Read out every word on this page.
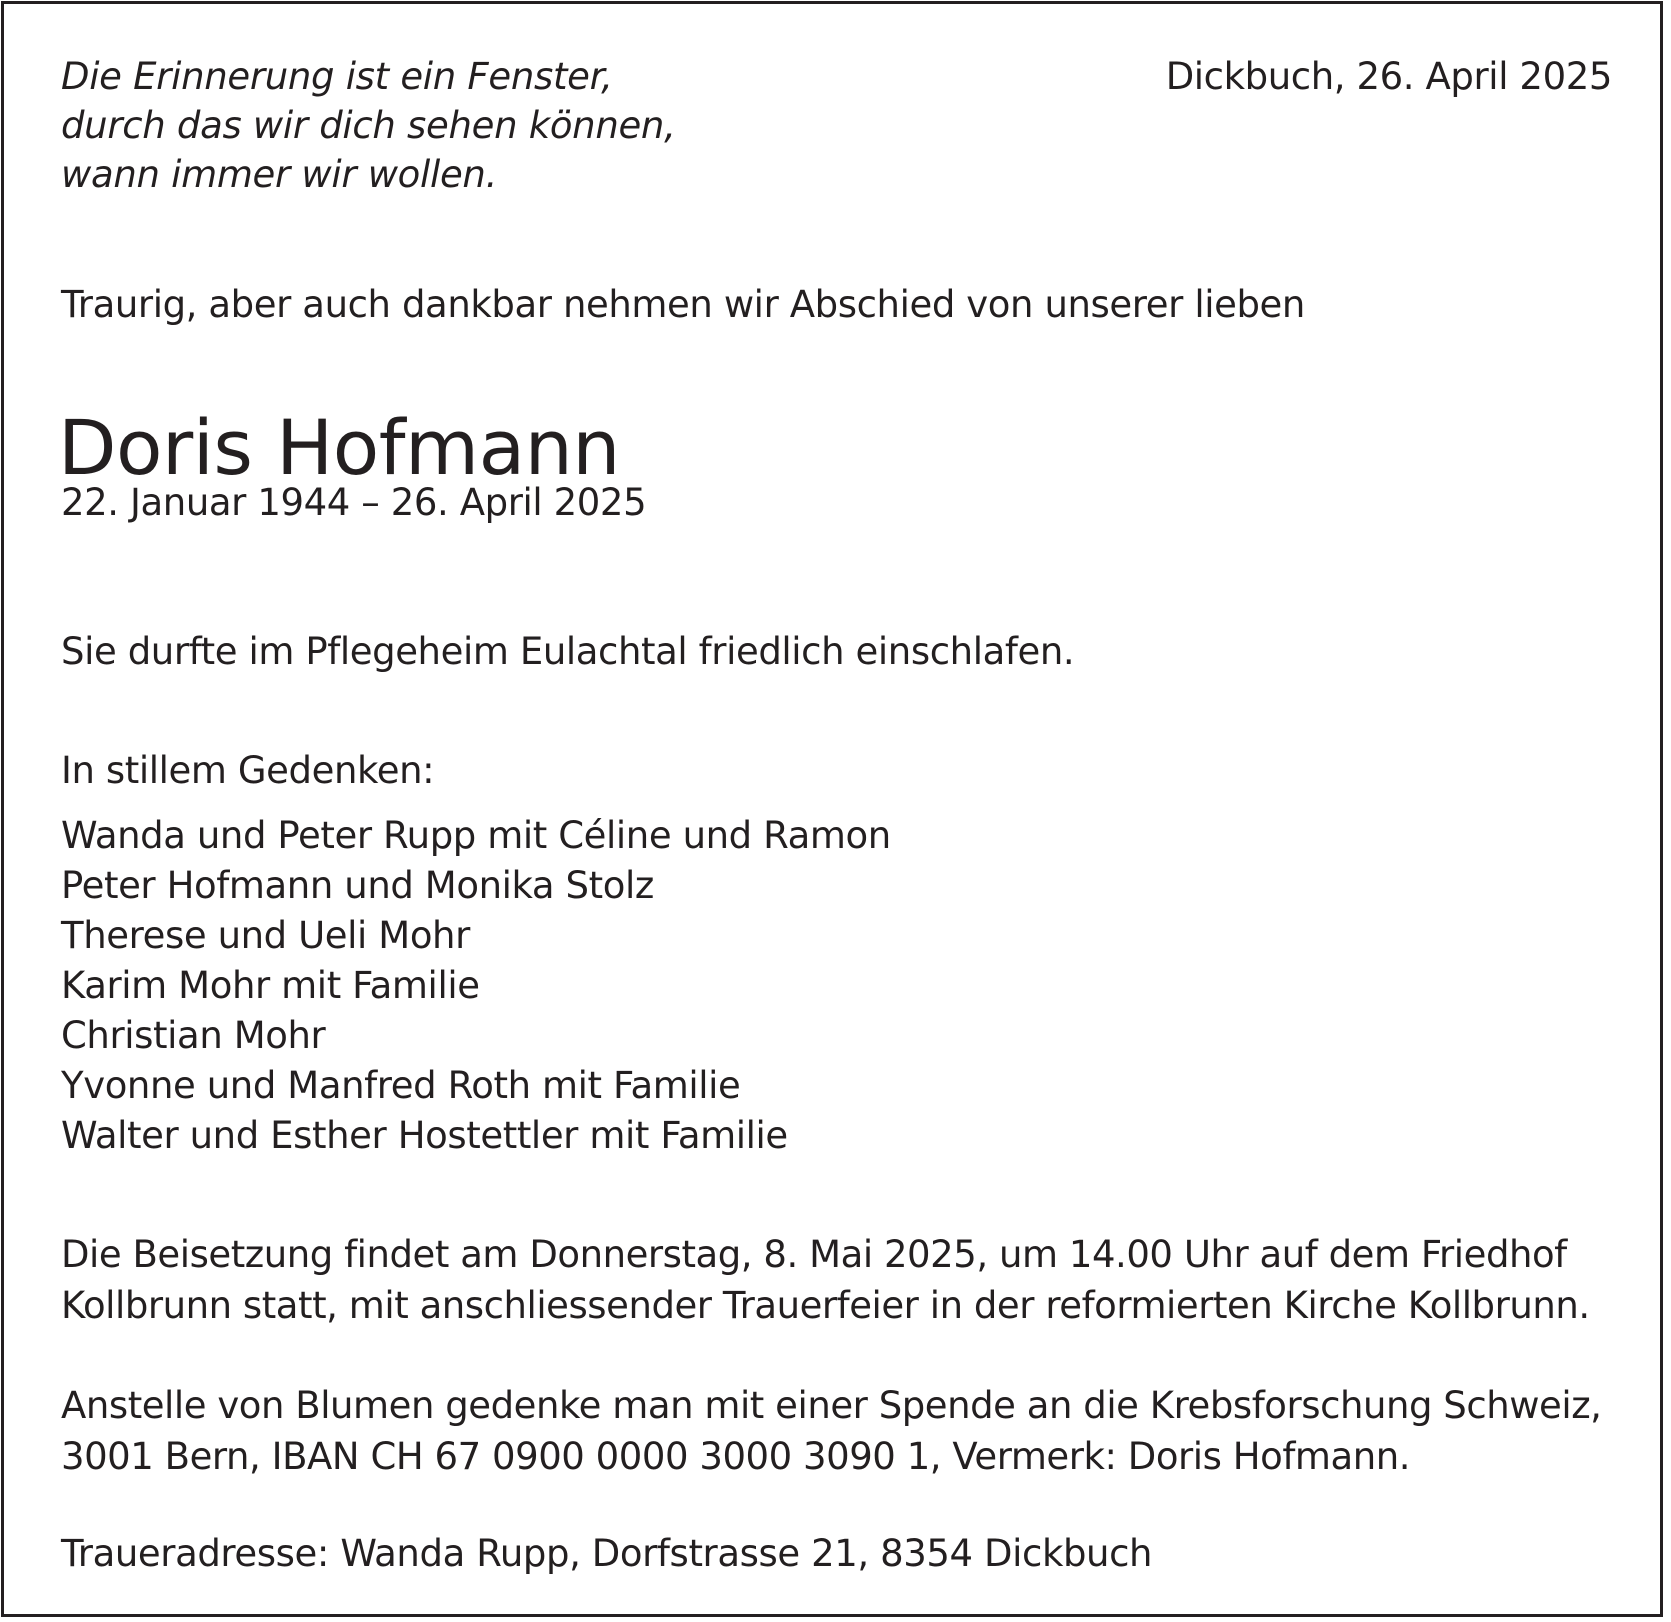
Die Erinnerung ist ein Fenster,
durch das wir dich sehen können,
wann immer wir wollen.
Dickbuch, 26. April 2025

Traurig, aber auch dankbar nehmen wir Abschied von unserer lieben

Doris Hofmann

22. Januar 1944 – 26. April 2025

Sie durfte im Pflegeheim Eulachtal friedlich einschlafen.

In stillem Gedenken:

Wanda und Peter Rupp mit Céline und Ramon
Peter Hofmann und Monika Stolz
Therese und Ueli Mohr
Karim Mohr mit Familie
Christian Mohr
Yvonne und Manfred Roth mit Familie
Walter und Esther Hostettler mit Familie
Die Beisetzung findet am Donnerstag, 8. Mai 2025, um 14.00 Uhr auf dem Friedhof
Kollbrunn statt, mit anschliessender Trauerfeier in der reformierten Kirche Kollbrunn.
Anstelle von Blumen gedenke man mit einer Spende an die Krebsforschung Schweiz,
3001 Bern, IBAN CH 67 0900 0000 3000 3090 1, Vermerk: Doris Hofmann.

Traueradresse: Wanda Rupp, Dorfstrasse 21, 8354 Dickbuch
